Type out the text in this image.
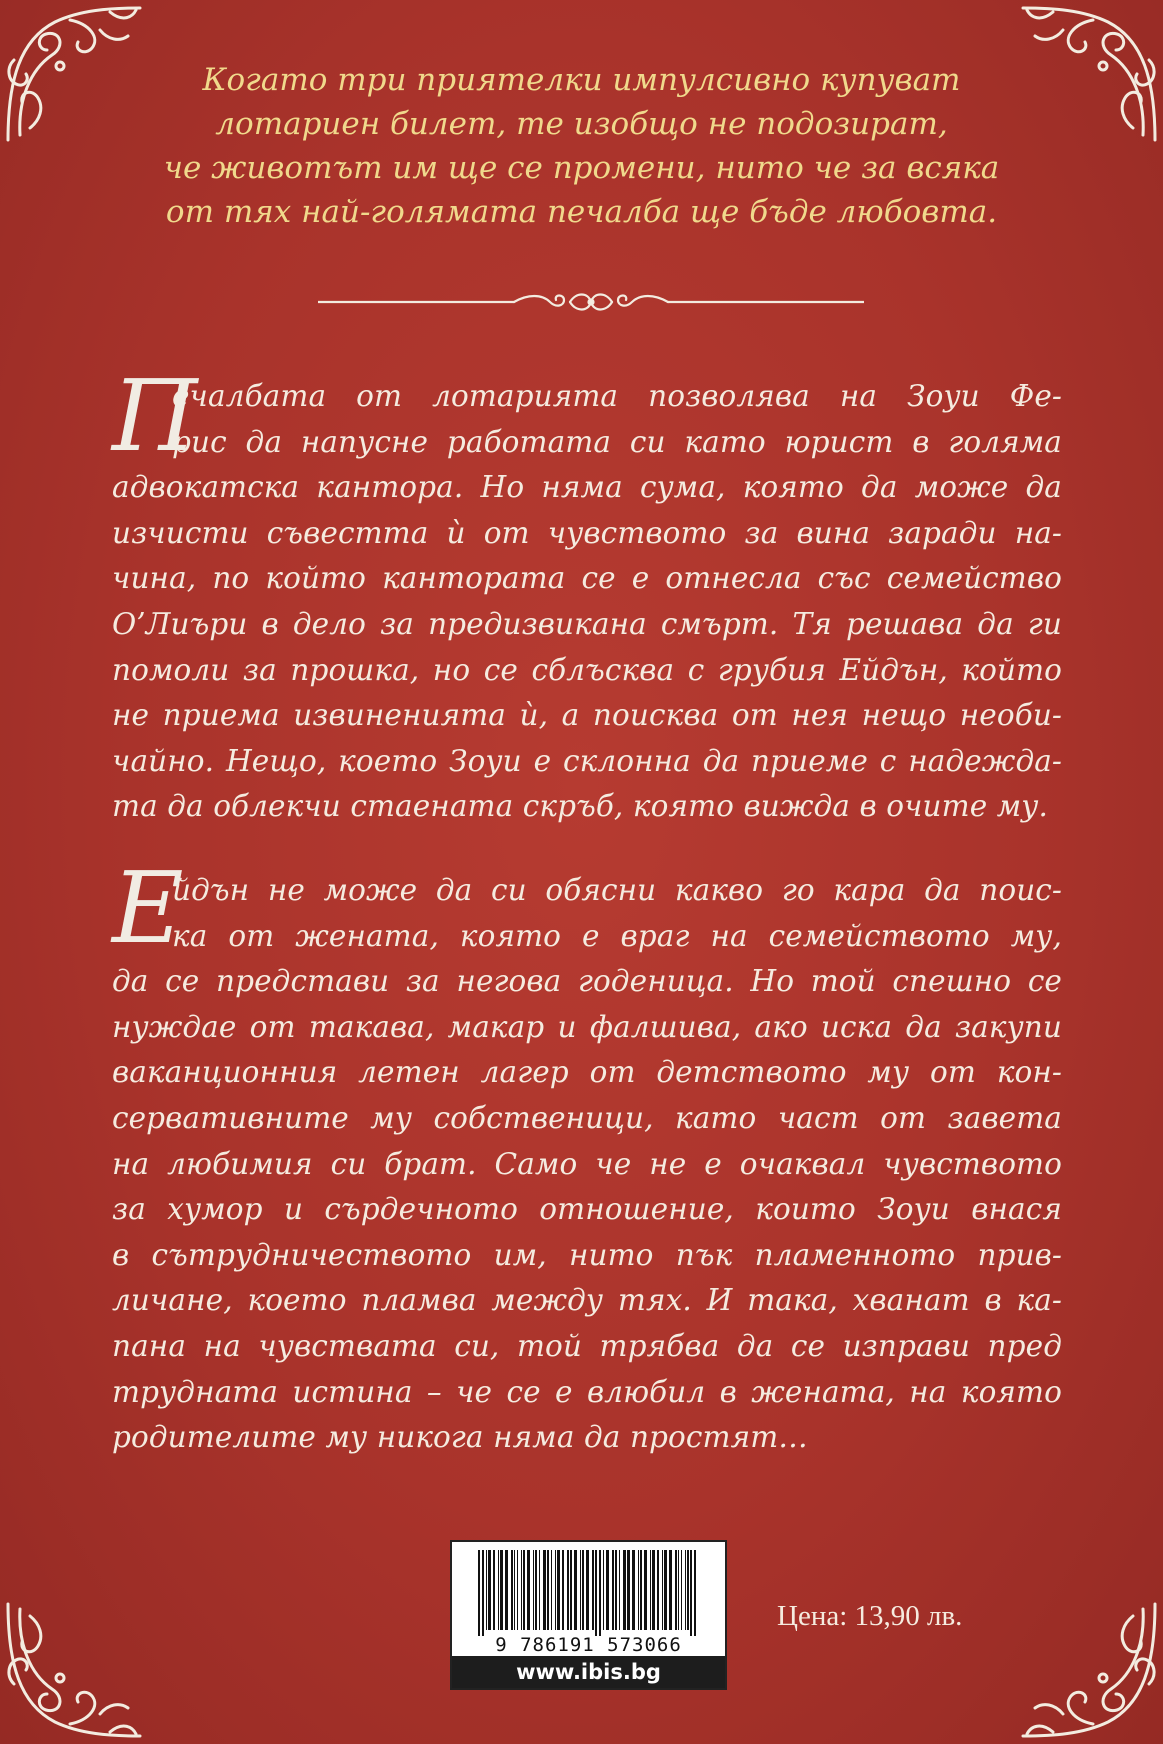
Когато три приятелки импулсивно купуват
лотариен билет, те изобщо не подозират,
че животът им ще се промени, нито че за всяка
от тях най-голямата печалба ще бъде любовта.
П
ечалбата от лотарията позволява на Зоуи Фе-
рис да напусне работата си като юрист в голяма
адвокатска кантора. Но няма сума, която да може да
изчисти съвестта ѝ от чувството за вина заради на-
чина, по който кантората се е отнесла със семейство
О’Лиъри в дело за предизвикана смърт. Тя решава да ги
помоли за прошка, но се сблъсква с грубия Ейдън, който
не приема извиненията ѝ, а поисква от нея нещо необи-
чайно. Нещо, което Зоуи е склонна да приеме с надежда-
та да облекчи стаената скръб, която вижда в очите му.
Е
йдън не може да си обясни какво го кара да поис-
ка от жената, която е враг на семейството му,
да се представи за негова годеница. Но той спешно се
нуждае от такава, макар и фалшива, ако иска да закупи
ваканционния летен лагер от детството му от кон-
сервативните му собственици, като част от завета
на любимия си брат. Само че не е очаквал чувството
за хумор и сърдечното отношение, които Зоуи внася
в сътрудничеството им, нито пък пламенното прив-
личане, което пламва между тях. И така, хванат в ка-
пана на чувствата си, той трябва да се изправи пред
трудната истина – че се е влюбил в жената, на която
родителите му никога няма да простят…
9 786191 573066
www.ibis.bg
Цена: 13,90 лв.
